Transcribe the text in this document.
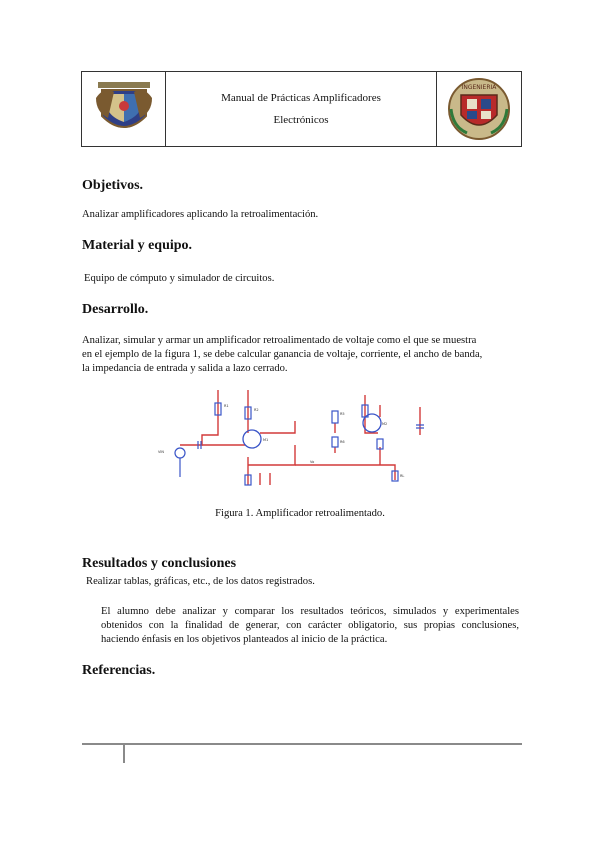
Manual de Prácticas Amplificadores
Electrónicos
INGENIERIA
Objetivos.

Analizar amplificadores aplicando la retroalimentación.

Material y equipo.

Equipo de cómputo y simulador de circuitos.

Desarrollo.

Analizar, simular y armar un amplificador retroalimentado de voltaje como el que se muestra

en el ejemplo de la figura 1, se debe calcular ganancia de voltaje, corriente, el ancho de banda,

la impedancia de entrada y salida a lazo cerrado.

R1
R2
M1
M2
VIN
R5
R6
RL
Vo
Figura 1. Amplificador retroalimentado.
Resultados y conclusiones

Realizar tablas, gráficas, etc., de los datos registrados.

El alumno debe analizar y comparar los resultados teóricos, simulados y experimentales

obtenidos con la finalidad de generar, con carácter obligatorio, sus propias conclusiones,

haciendo énfasis en los objetivos planteados al inicio de la práctica.

Referencias.
